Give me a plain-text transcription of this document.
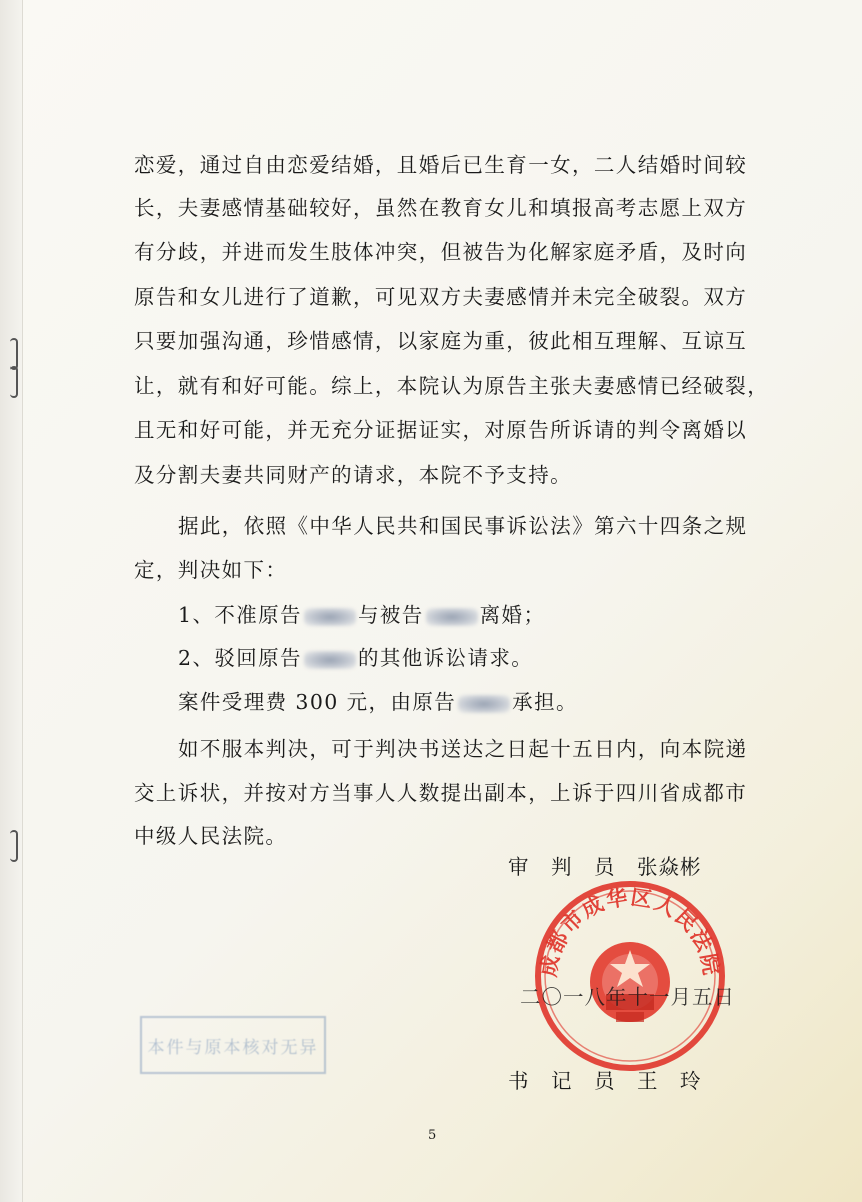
恋爱，通过自由恋爱结婚，且婚后已生育一女，二人结婚时间较
长，夫妻感情基础较好，虽然在教育女儿和填报高考志愿上双方
有分歧，并进而发生肢体冲突，但被告为化解家庭矛盾，及时向
原告和女儿进行了道歉，可见双方夫妻感情并未完全破裂。双方
只要加强沟通，珍惜感情，以家庭为重，彼此相互理解、互谅互
让，就有和好可能。综上，本院认为原告主张夫妻感情已经破裂，
且无和好可能，并无充分证据证实，对原告所诉请的判令离婚以
及分割夫妻共同财产的请求，本院不予支持。
据此，依照《中华人民共和国民事诉讼法》第六十四条之规
定，判决如下：
1、不准原告	与被告	离婚；
2、驳回原告	的其他诉讼请求。
案件受理费 300 元，由原告	承担。
如不服本判决，可于判决书送达之日起十五日内，向本院递
交上诉状，并按对方当事人人数提出副本，上诉于四川省成都市
中级人民法院。
审　判　员　张焱彬
成都市成华区人民法院
二〇一八年十一月五日
本件与原本核对无异
书　记　员　王　玲
5
